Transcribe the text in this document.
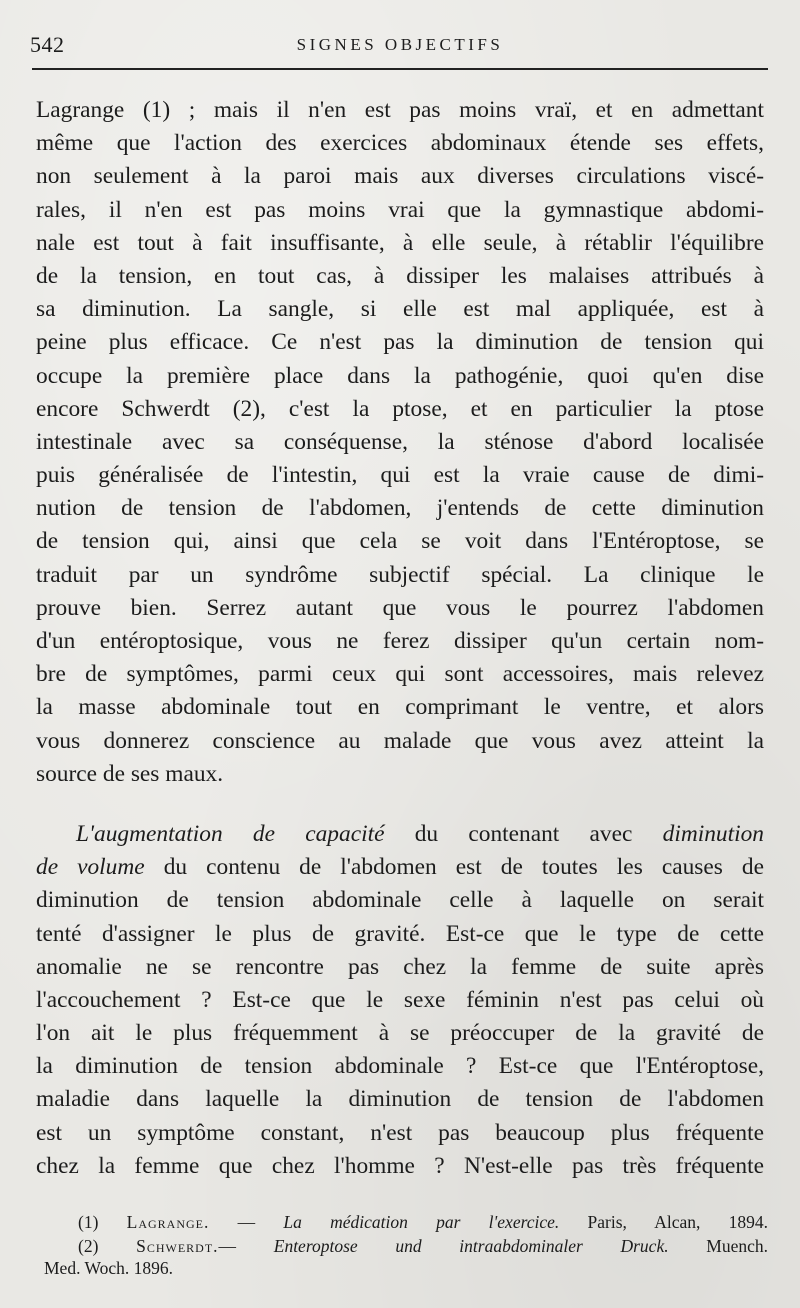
542	SIGNES OBJECTIFS
Lagrange (1) ; mais il n'en est pas moins vraï, et en admettant
même que l'action des exercices abdominaux étende ses effets,
non seulement à la paroi mais aux diverses circulations viscé-
rales, il n'en est pas moins vrai que la gymnastique abdomi-
nale est tout à fait insuffisante, à elle seule, à rétablir l'équilibre
de la tension, en tout cas, à dissiper les malaises attribués à
sa diminution. La sangle, si elle est mal appliquée, est à
peine plus efficace. Ce n'est pas la diminution de tension qui
occupe la première place dans la pathogénie, quoi qu'en dise
encore Schwerdt (2), c'est la ptose, et en particulier la ptose
intestinale avec sa conséquense, la sténose d'abord localisée
puis généralisée de l'intestin, qui est la vraie cause de dimi-
nution de tension de l'abdomen, j'entends de cette diminution
de tension qui, ainsi que cela se voit dans l'Entéroptose, se
traduit par un syndrôme subjectif spécial. La clinique le
prouve bien. Serrez autant que vous le pourrez l'abdomen
d'un entéroptosique, vous ne ferez dissiper qu'un certain nom-
bre de symptômes, parmi ceux qui sont accessoires, mais relevez
la masse abdominale tout en comprimant le ventre, et alors
vous donnerez conscience au malade que vous avez atteint la
source de ses maux.
L'augmentation de capacité du contenant avec diminution
de volume du contenu de l'abdomen est de toutes les causes de
diminution de tension abdominale celle à laquelle on serait
tenté d'assigner le plus de gravité. Est-ce que le type de cette
anomalie ne se rencontre pas chez la femme de suite après
l'accouchement ? Est-ce que le sexe féminin n'est pas celui où
l'on ait le plus fréquemment à se préoccuper de la gravité de
la diminution de tension abdominale ? Est-ce que l'Entéroptose,
maladie dans laquelle la diminution de tension de l'abdomen
est un symptôme constant, n'est pas beaucoup plus fréquente
chez la femme que chez l'homme ? N'est-elle pas très fréquente
(1) Lagrange. — La médication par l'exercice. Paris, Alcan, 1894.
(2) Schwerdt.— Enteroptose und intraabdominaler Druck. Muench.
Med. Woch. 1896.
